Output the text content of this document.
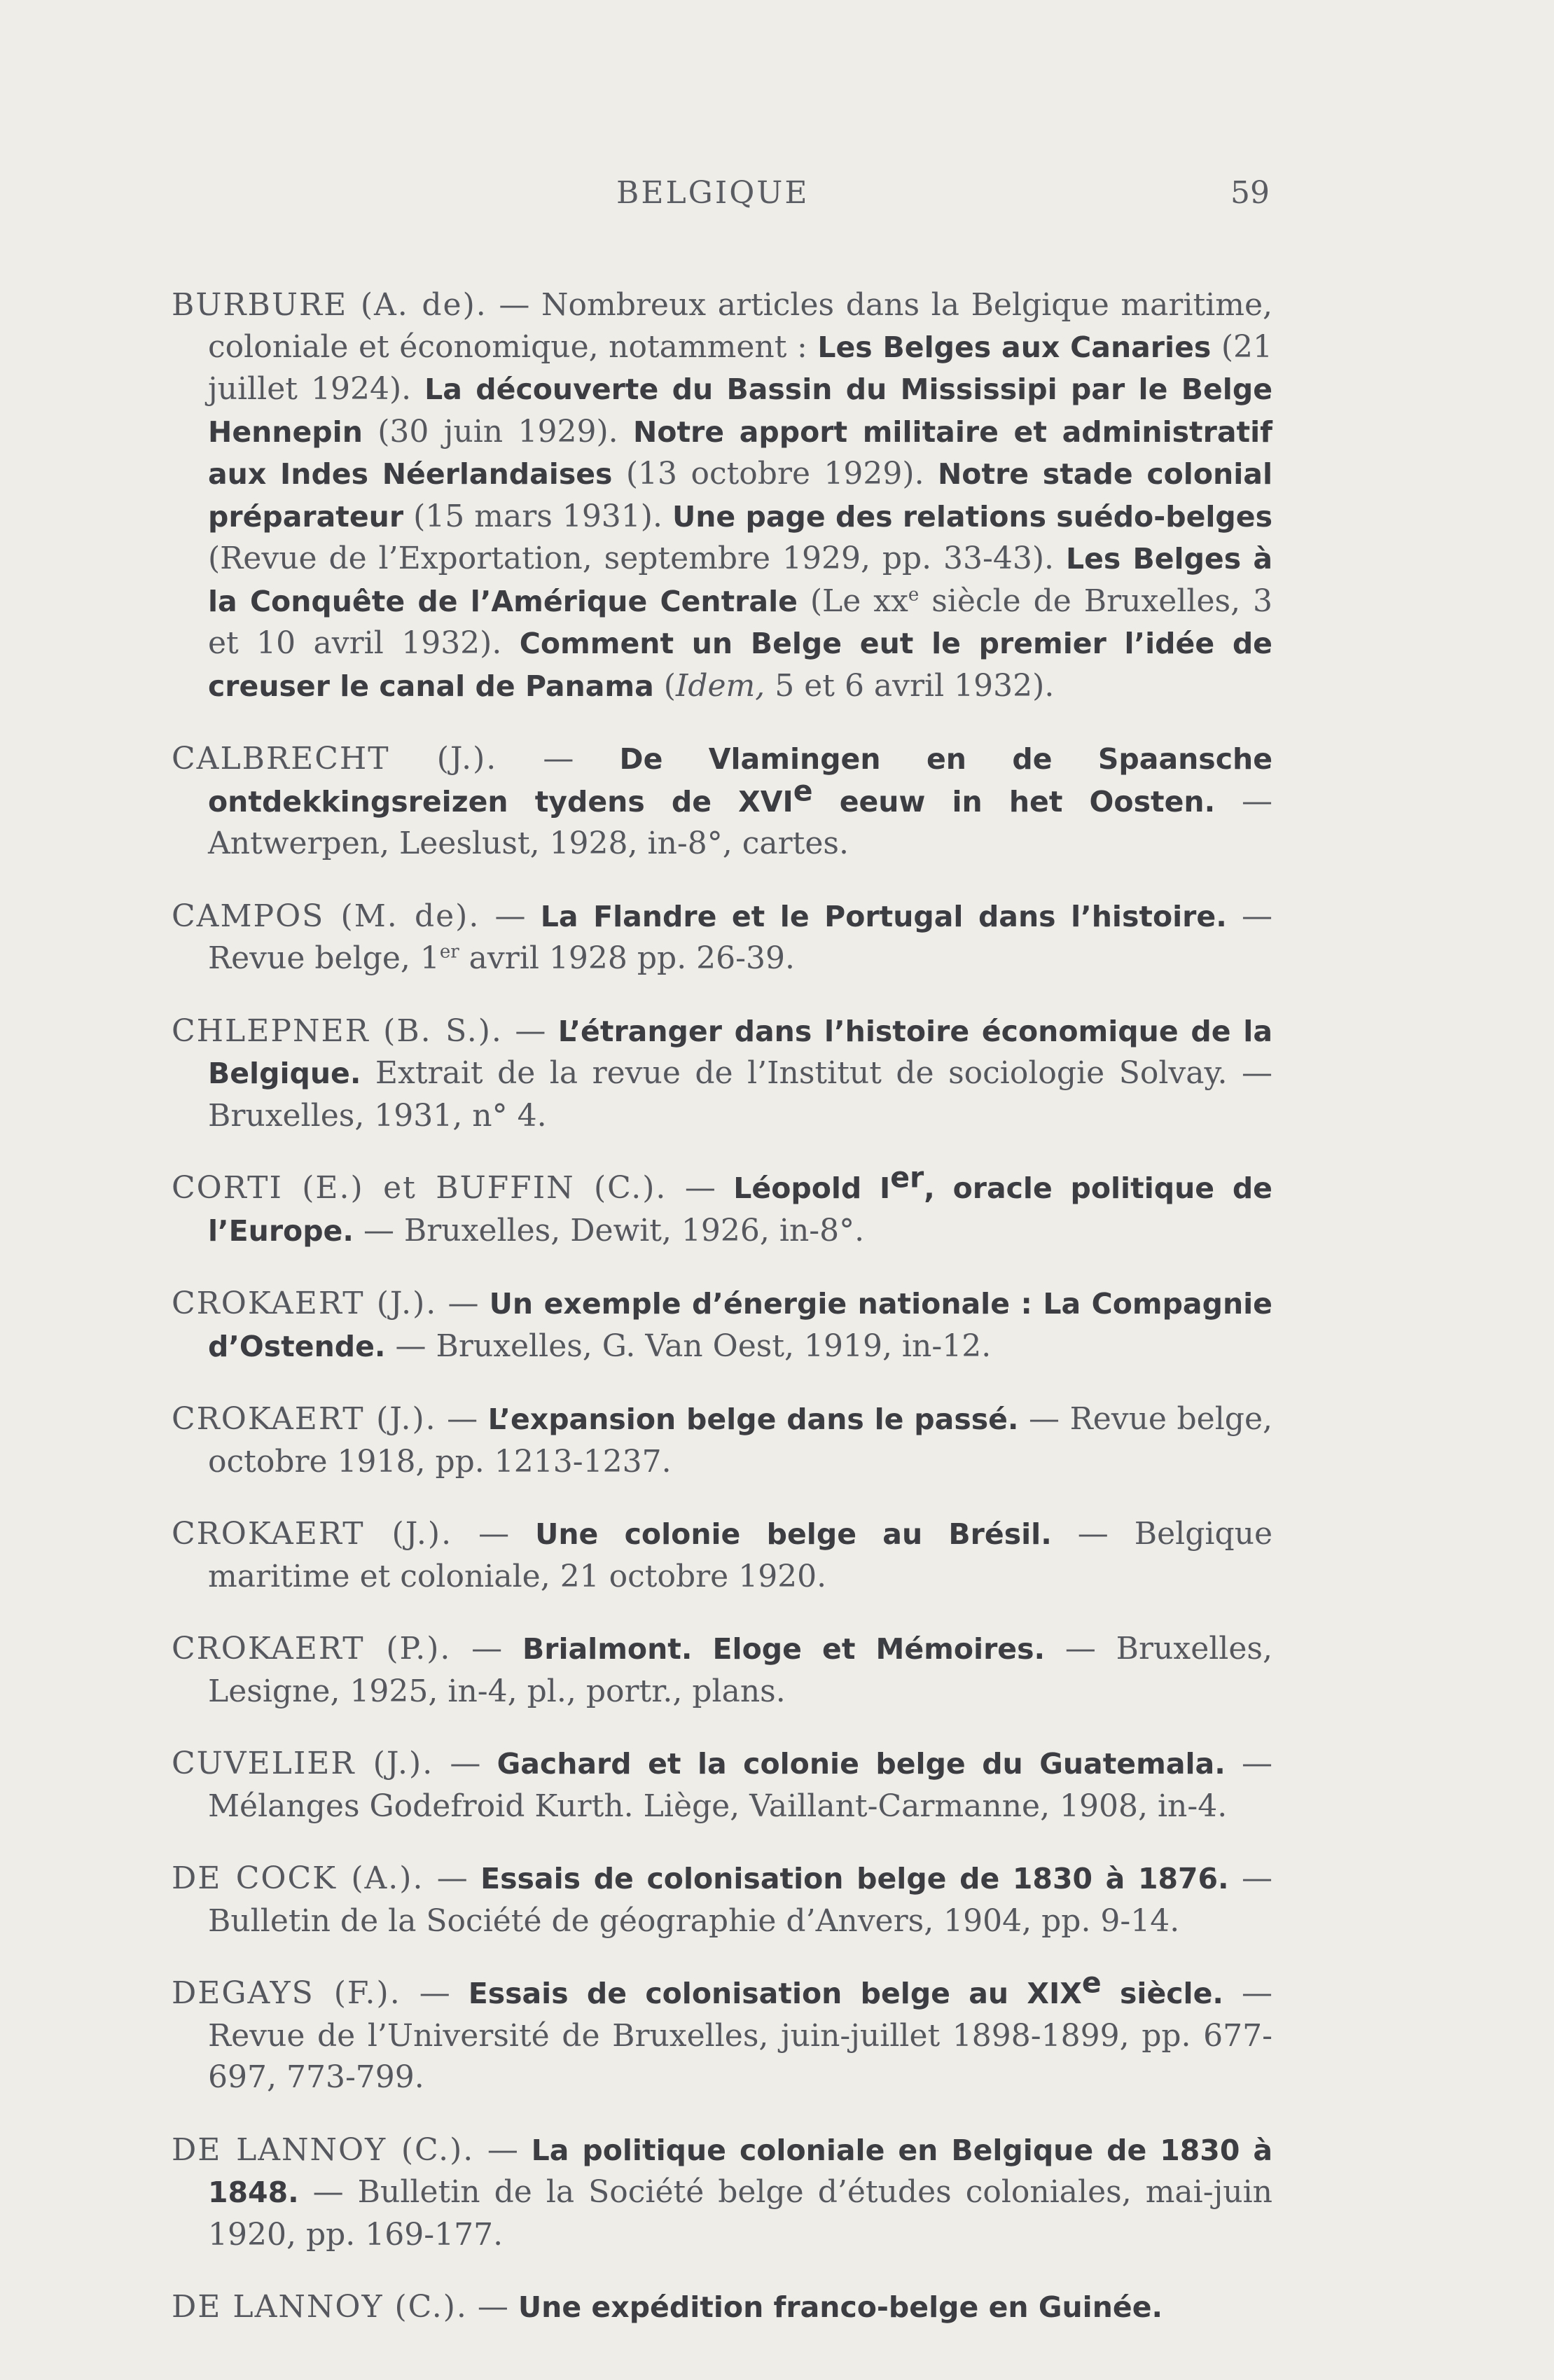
BELGIQUE	59

BURBURE (A. de). — Nombreux articles dans la Belgique maritime, coloniale et économique, notamment : Les Belges aux Canaries (21 juillet 1924). La découverte du Bassin du Mississipi par le Belge Hennepin (30 juin 1929). Notre apport militaire et administratif aux Indes Néerlandaises (13 octobre 1929). Notre stade colonial préparateur (15 mars 1931). Une page des relations suédo-belges (Revue de l’Exportation, septembre 1929, pp. 33-43). Les Belges à la Conquête de l’Amérique Centrale (Le $xx^e$ siècle de Bruxelles, 3 et 10 avril 1932). Comment un Belge eut le premier l’idée de creuser le canal de Panama (Idem, 5 et 6 avril 1932).

CALBRECHT (J.). — De Vlamingen en de Spaansche ontdekkingsreizen tydens de XVIe eeuw in het Oosten. — Antwerpen, Leeslust, 1928, in-8°, cartes.

CAMPOS (M. de). — La Flandre et le Portugal dans l’histoire. — Revue belge, 1er avril 1928 pp. 26-39.

CHLEPNER (B. S.). — L’étranger dans l’histoire économique de la Belgique. Extrait de la revue de l’Institut de sociologie Solvay. — Bruxelles, 1931, n° 4.

CORTI (E.) et BUFFIN (C.). — Léopold Ier, oracle politique de l’Europe. — Bruxelles, Dewit, 1926, in-8°.

CROKAERT (J.). — Un exemple d’énergie nationale : La Compagnie d’Ostende. — Bruxelles, G. Van Oest, 1919, in-12.

CROKAERT (J.). — L’expansion belge dans le passé. — Revue belge, octobre 1918, pp. 1213-1237.

CROKAERT (J.). — Une colonie belge au Brésil. — Belgique maritime et coloniale, 21 octobre 1920.

CROKAERT (P.). — Brialmont. Eloge et Mémoires. — Bruxelles, Lesigne, 1925, in-4, pl., portr., plans.

CUVELIER (J.). — Gachard et la colonie belge du Guatemala. — Mélanges Godefroid Kurth. Liège, Vaillant-Carmanne, 1908, in-4.

DE COCK (A.). — Essais de colonisation belge de 1830 à 1876. — Bulletin de la Société de géographie d’Anvers, 1904, pp. 9-14.

DEGAYS (F.). — Essais de colonisation belge au XIXe siècle. — Revue de l’Université de Bruxelles, juin-juillet 1898-1899, pp. 677-697, 773-799.

DE LANNOY (C.). — La politique coloniale en Belgique de 1830 à 1848. — Bulletin de la Société belge d’études coloniales, mai-juin 1920, pp. 169-177.

DE LANNOY (C.). — Une expédition franco-belge en Guinée.
